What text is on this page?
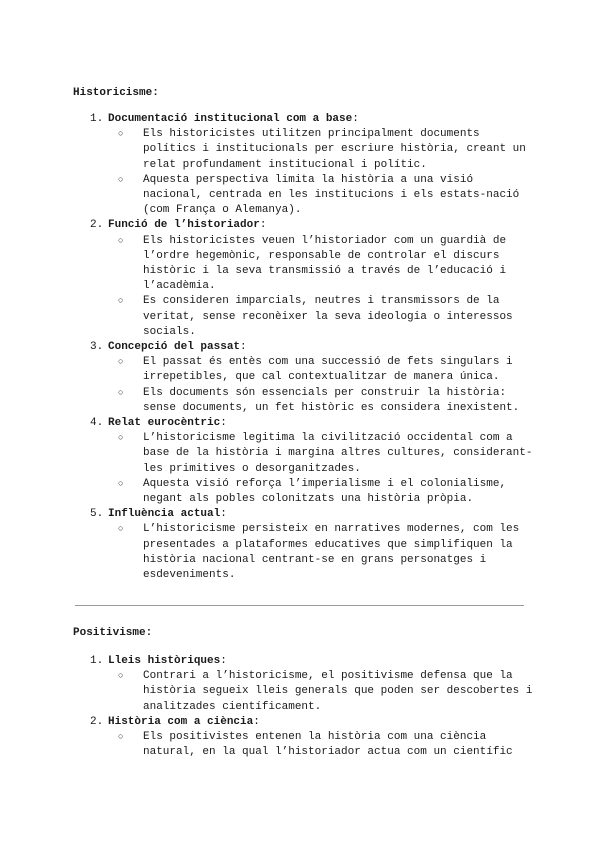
Historicisme:
1. Documentació institucional com a base:
○ Els historicistes utilitzen principalment documents polítics i institucionals per escriure història, creant un relat profundament institucional i polític.
○ Aquesta perspectiva limita la història a una visió nacional, centrada en les institucions i els estats-nació (com França o Alemanya).
2. Funció de l’historiador:
○ Els historicistes veuen l’historiador com un guardià de l’ordre hegemònic, responsable de controlar el discurs històric i la seva transmissió a través de l’educació i l’acadèmia.
○ Es consideren imparcials, neutres i transmissors de la veritat, sense reconèixer la seva ideologia o interessos socials.
3. Concepció del passat:
○ El passat és entès com una successió de fets singulars i irrepetibles, que cal contextualitzar de manera única.
○ Els documents són essencials per construir la història: sense documents, un fet històric es considera inexistent.
4. Relat eurocèntric:
○ L’historicisme legitima la civilització occidental com a base de la història i margina altres cultures, considerant-les primitives o desorganitzades.
○ Aquesta visió reforça l’imperialisme i el colonialisme, negant als pobles colonitzats una història pròpia.
5. Influència actual:
○ L’historicisme persisteix en narratives modernes, com les presentades a plataformes educatives que simplifiquen la història nacional centrant-se en grans personatges i esdeveniments.
Positivisme:
1. Lleis històriques:
○ Contrari a l’historicisme, el positivisme defensa que la història segueix lleis generals que poden ser descobertes i analitzades científicament.
2. Història com a ciència:
○ Els positivistes entenen la història com una ciència natural, en la qual l’historiador actua com un científic
